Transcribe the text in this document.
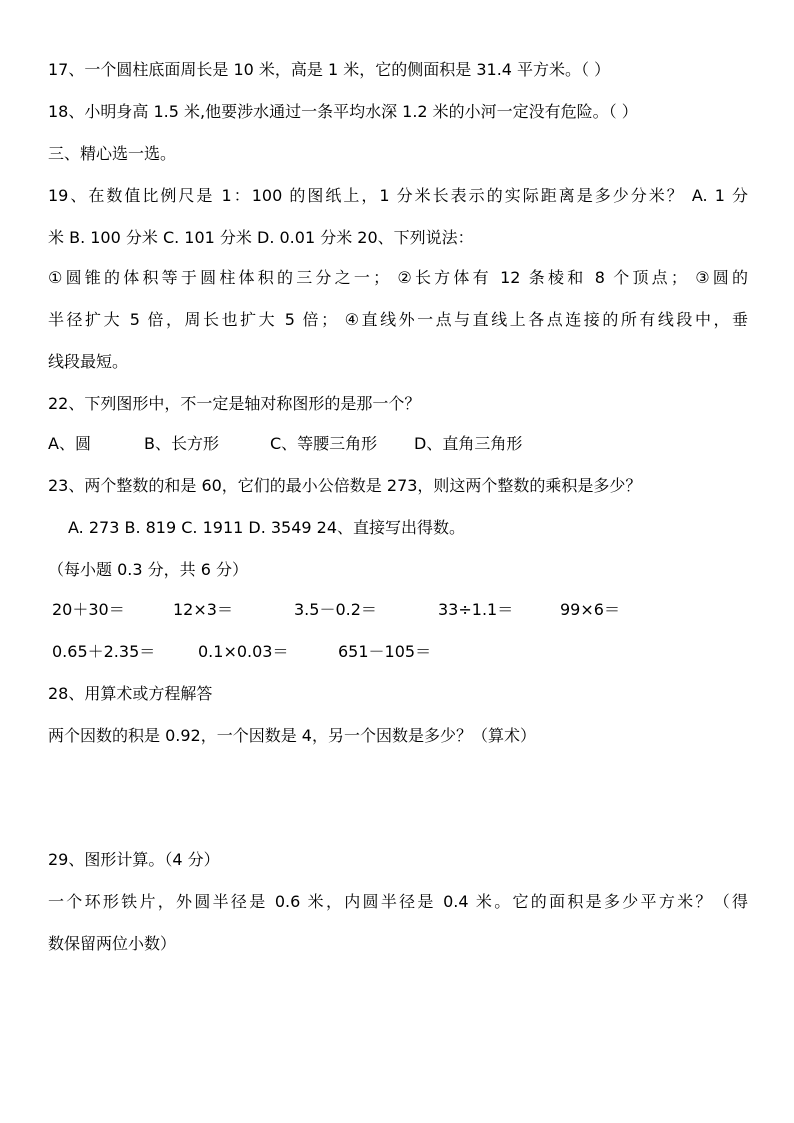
17、一个圆柱底面周长是 10 米，高是 1 米，它的侧面积是 31.4 平方米。（ ）
18、小明身高 1.5 米,他要涉水通过一条平均水深 1.2 米的小河一定没有危险。（ ）
三、精心选一选。
19、在数值比例尺是 1：100 的图纸上，1 分米长表示的实际距离是多少分米？ A. 1 分
米 B. 100 分米 C. 101 分米 D. 0.01 分米 20、下列说法：
①圆锥的体积等于圆柱体积的三分之一； ②长方体有 12 条棱和 8 个顶点； ③圆的
半径扩大 5 倍，周长也扩大 5 倍； ④直线外一点与直线上各点连接的所有线段中，垂
线段最短。
22、下列图形中，不一定是轴对称图形的是那一个？
A、圆	B、长方形	C、等腰三角形 D、直角三角形
23、两个整数的和是 60，它们的最小公倍数是 273，则这两个整数的乘积是多少？
A. 273 B. 819 C. 1911 D. 3549 24、直接写出得数。
（每小题 0.3 分，共 6 分）
20＋30＝	12×3＝	3.5－0.2＝	33÷1.1＝	99×6＝
0.65＋2.35＝	0.1×0.03＝	651－105＝
28、用算术或方程解答
两个因数的积是 0.92，一个因数是 4，另一个因数是多少？（算术）
29、图形计算。（4 分）
一个环形铁片，外圆半径是 0.6 米，内圆半径是 0.4 米。它的面积是多少平方米？（得
数保留两位小数）
